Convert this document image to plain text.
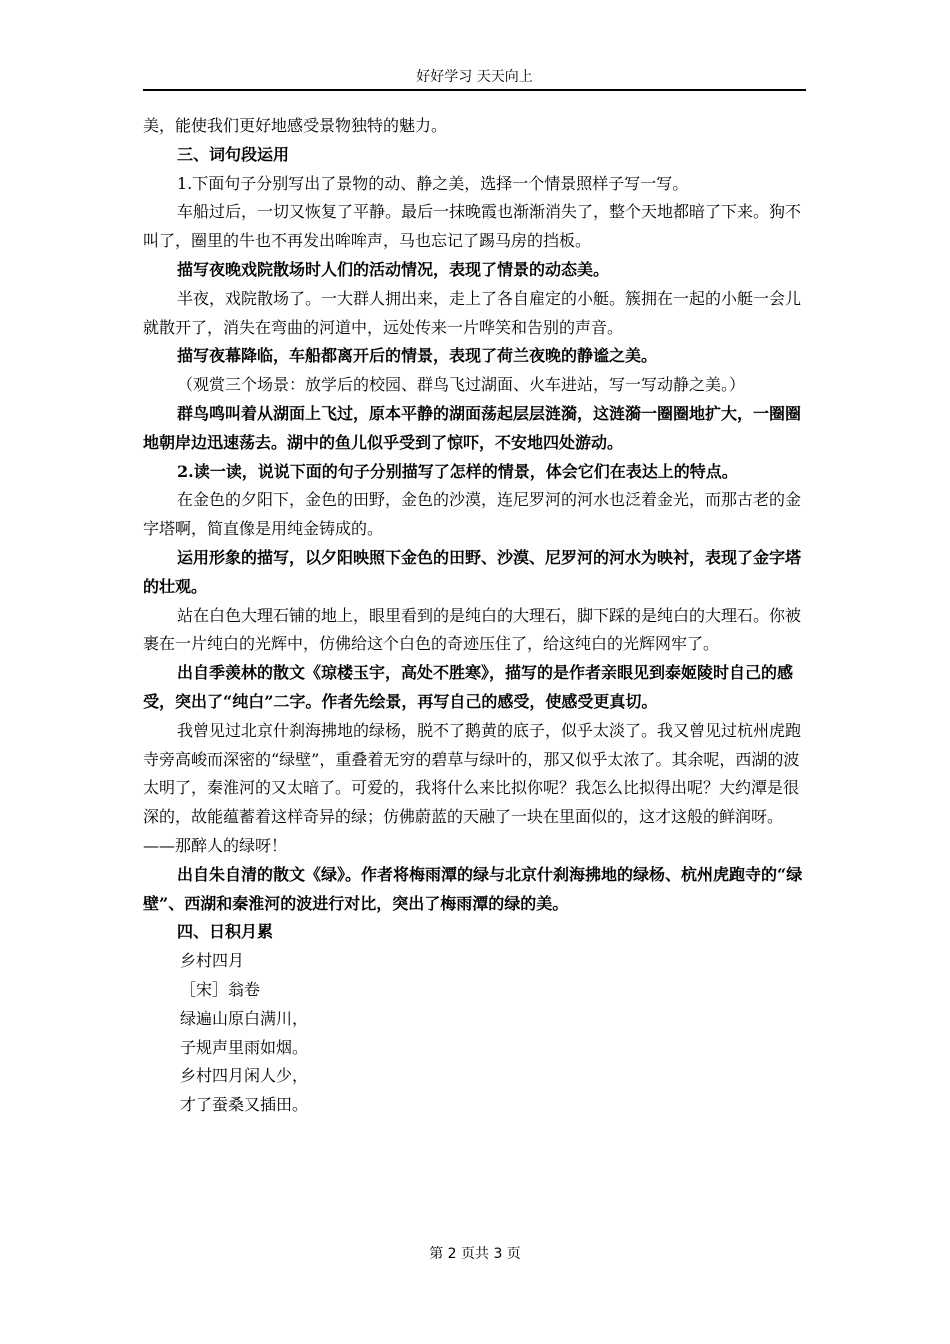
好好学习 天天向上

美，能使我们更好地感受景物独特的魅力。

三、词句段运用

1.下面句子分别写出了景物的动、静之美，选择一个情景照样子写一写。

车船过后，一切又恢复了平静。最后一抹晚霞也渐渐消失了，整个天地都暗了下来。狗不叫了，圈里的牛也不再发出哞哞声，马也忘记了踢马房的挡板。

描写夜晚戏院散场时人们的活动情况，表现了情景的动态美。

半夜，戏院散场了。一大群人拥出来，走上了各自雇定的小艇。簇拥在一起的小艇一会儿就散开了，消失在弯曲的河道中，远处传来一片哗笑和告别的声音。

描写夜幕降临，车船都离开后的情景，表现了荷兰夜晚的静谧之美。

（观赏三个场景：放学后的校园、群鸟飞过湖面、火车进站，写一写动静之美。）

群鸟鸣叫着从湖面上飞过，原本平静的湖面荡起层层涟漪，这涟漪一圈圈地扩大，一圈圈地朝岸边迅速荡去。湖中的鱼儿似乎受到了惊吓，不安地四处游动。

2.读一读，说说下面的句子分别描写了怎样的情景，体会它们在表达上的特点。

在金色的夕阳下，金色的田野，金色的沙漠，连尼罗河的河水也泛着金光，而那古老的金字塔啊，简直像是用纯金铸成的。

运用形象的描写，以夕阳映照下金色的田野、沙漠、尼罗河的河水为映衬，表现了金字塔的壮观。

站在白色大理石铺的地上，眼里看到的是纯白的大理石，脚下踩的是纯白的大理石。你被裹在一片纯白的光辉中，仿佛给这个白色的奇迹压住了，给这纯白的光辉网牢了。

出自季羡林的散文《琼楼玉宇，高处不胜寒》，描写的是作者亲眼见到泰姬陵时自己的感受，突出了“纯白”二字。作者先绘景，再写自己的感受，使感受更真切。

我曾见过北京什刹海拂地的绿杨，脱不了鹅黄的底子，似乎太淡了。我又曾见过杭州虎跑寺旁高峻而深密的“绿壁”，重叠着无穷的碧草与绿叶的，那又似乎太浓了。其余呢，西湖的波太明了，秦淮河的又太暗了。可爱的，我将什么来比拟你呢？我怎么比拟得出呢？大约潭是很深的，故能蕴蓄着这样奇异的绿；仿佛蔚蓝的天融了一块在里面似的，这才这般的鲜润呀。——那醉人的绿呀！

出自朱自清的散文《绿》。作者将梅雨潭的绿与北京什刹海拂地的绿杨、杭州虎跑寺的“绿壁”、西湖和秦淮河的波进行对比，突出了梅雨潭的绿的美。

四、日积月累

乡村四月

［宋］翁卷

绿遍山原白满川，

子规声里雨如烟。

乡村四月闲人少，

才了蚕桑又插田。

第 2 页共 3 页
